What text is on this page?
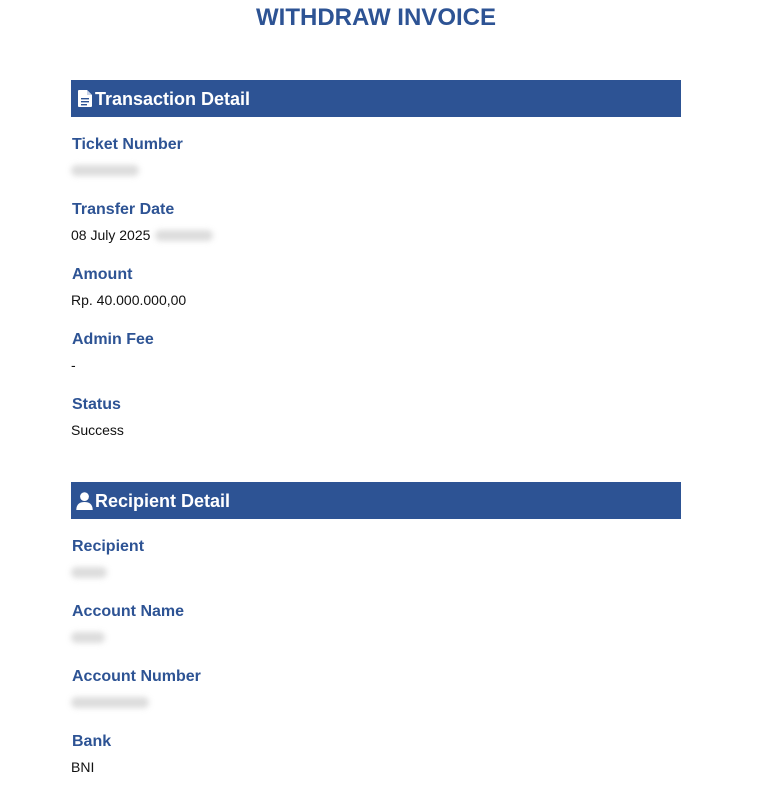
WITHDRAW INVOICE
Transaction Detail
Ticket Number
Transfer Date
08 July 2025
Amount
Rp. 40.000.000,00
Admin Fee
-
Status
Success
Recipient Detail
Recipient
Account Name
Account Number
Bank
BNI
